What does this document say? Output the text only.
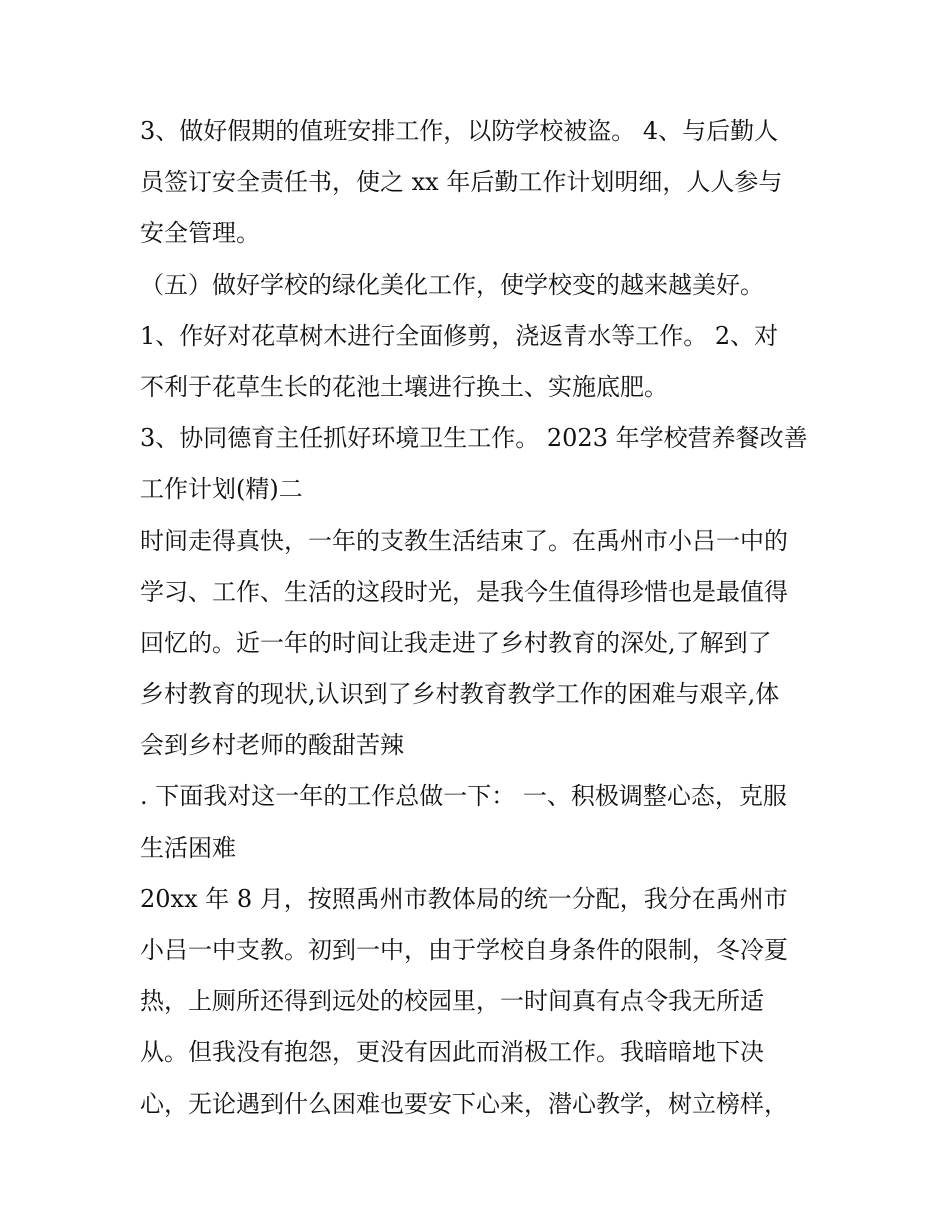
3、做好假期的值班安排工作，以防学校被盗。 4、与后勤人

员签订安全责任书，使之 xx 年后勤工作计划明细，人人参与

安全管理。

（五）做好学校的绿化美化工作，使学校变的越来越美好。

1、作好对花草树木进行全面修剪，浇返青水等工作。 2、对

不利于花草生长的花池土壤进行换土、实施底肥。

3、协同德育主任抓好环境卫生工作。 2023 年学校营养餐改善

工作计划(精)二

时间走得真快，一年的支教生活结束了。在禹州市小吕一中的

学习、工作、生活的这段时光，是我今生值得珍惜也是最值得

回忆的。近一年的时间让我走进了乡村教育的深处,了解到了

乡村教育的现状,认识到了乡村教育教学工作的困难与艰辛,体

会到乡村老师的酸甜苦辣

. 下面我对这一年的工作总做一下： 一、积极调整心态，克服

生活困难

20xx 年 8 月，按照禹州市教体局的统一分配，我分在禹州市

小吕一中支教。初到一中，由于学校自身条件的限制，冬冷夏

热，上厕所还得到远处的校园里，一时间真有点令我无所适

从。但我没有抱怨，更没有因此而消极工作。我暗暗地下决

心，无论遇到什么困难也要安下心来，潜心教学，树立榜样，
